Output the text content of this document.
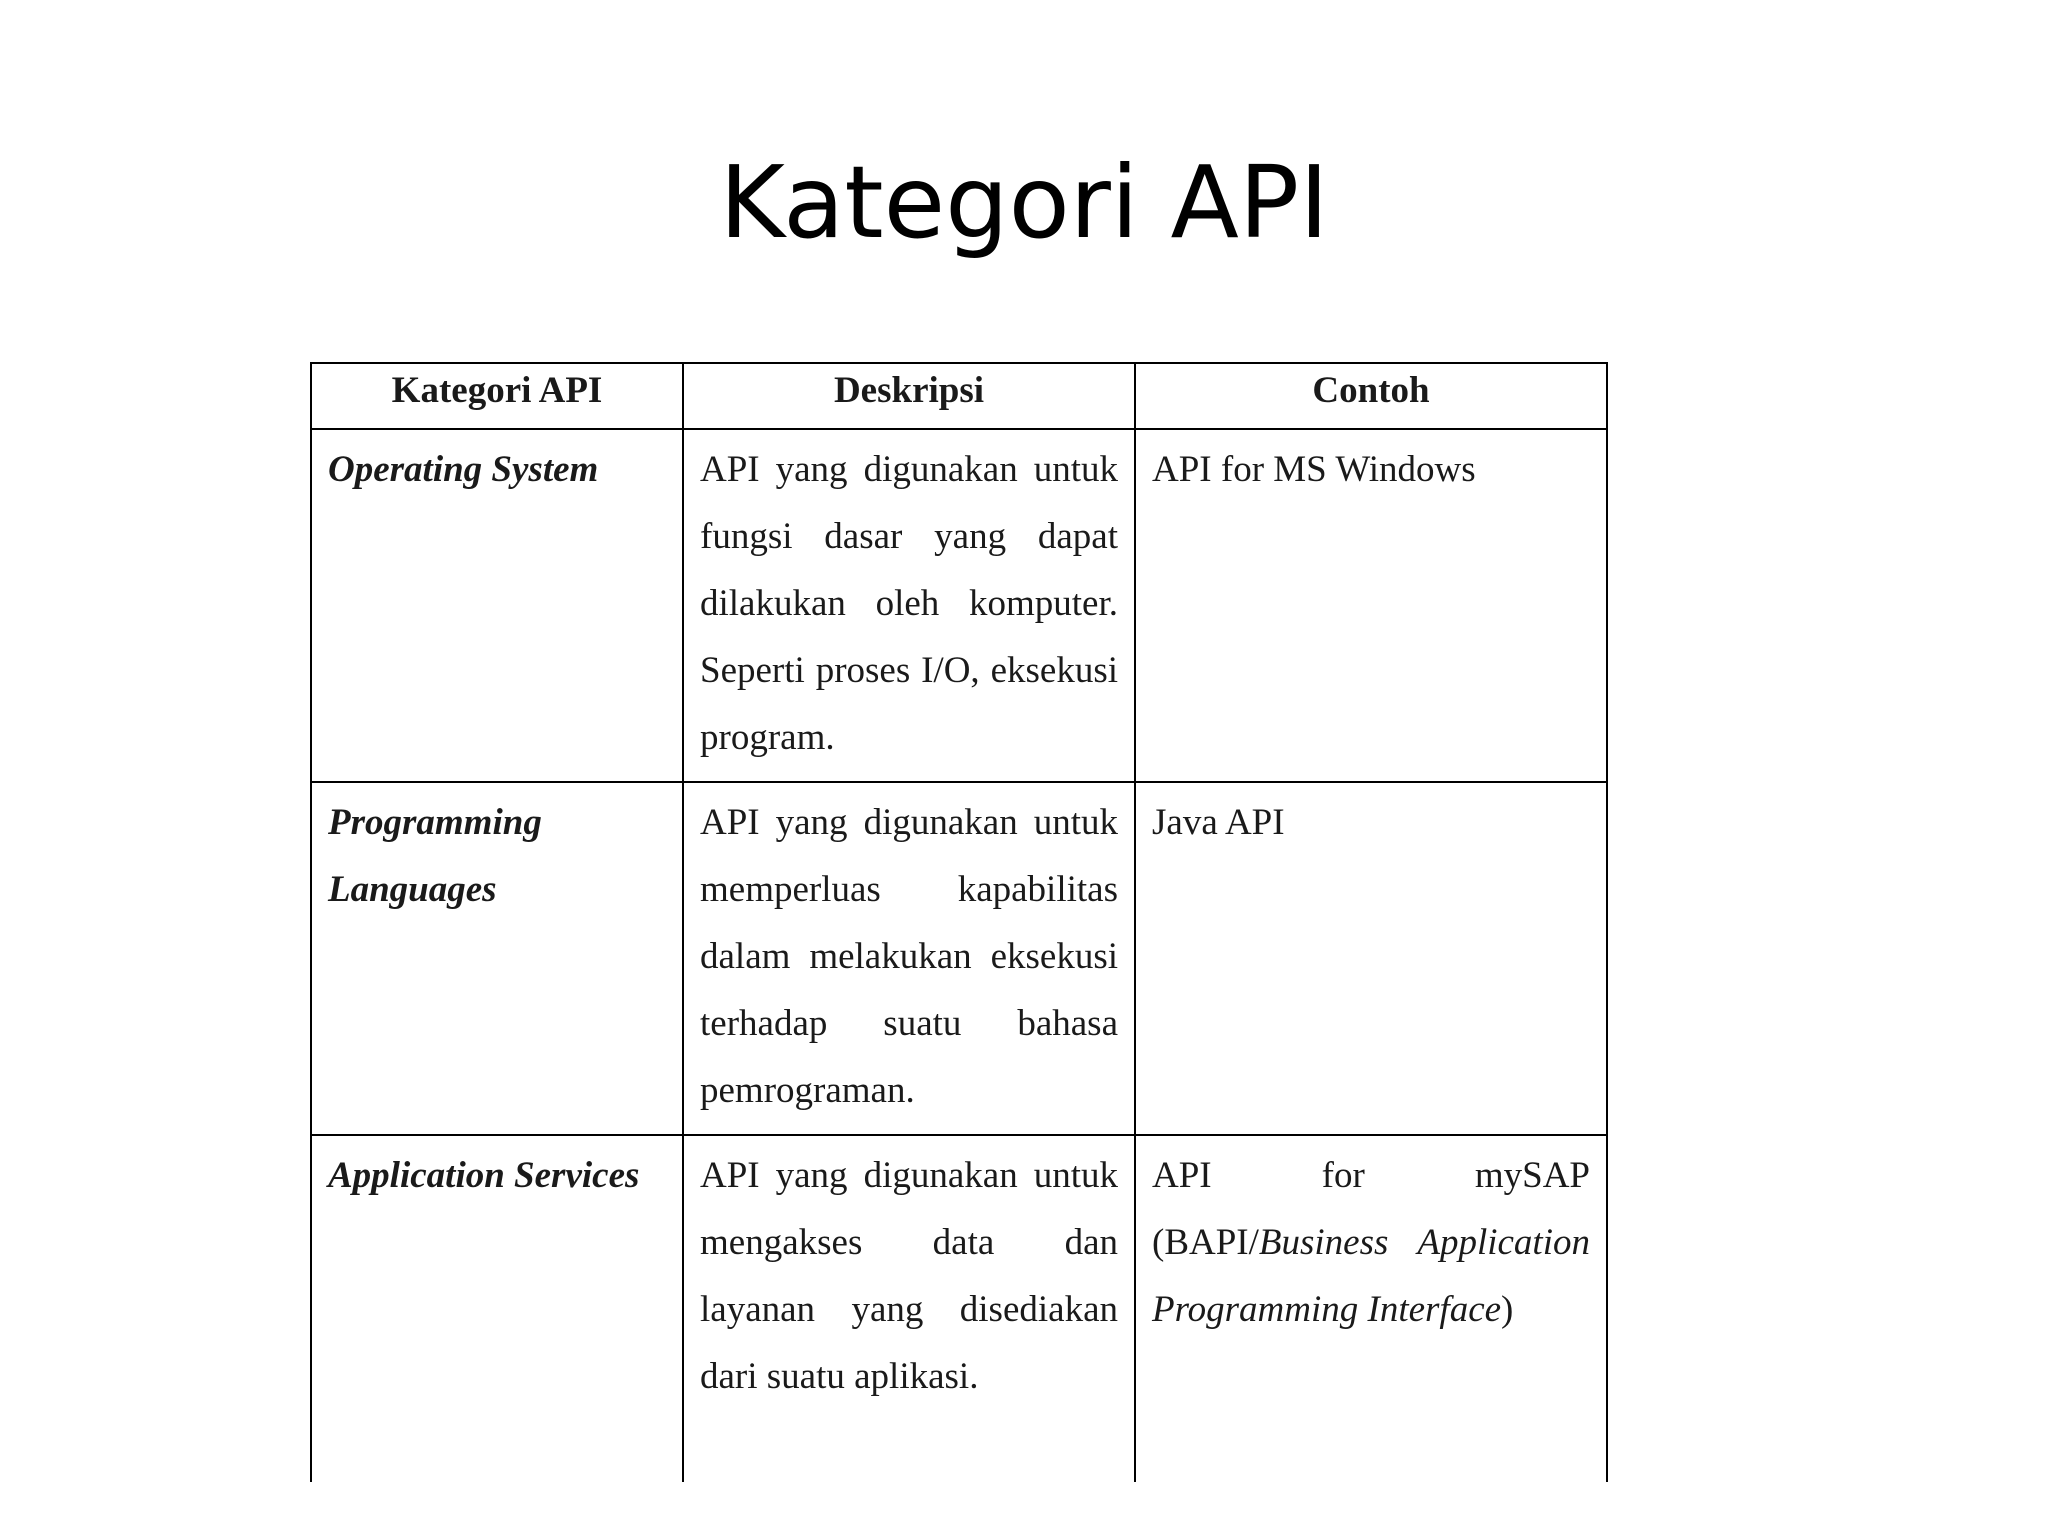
Kategori API
Kategori API	Deskripsi	Contoh
Operating System	API yang digunakan untuk fungsi dasar yang dapat dilakukan oleh komputer. Seperti proses I/O, eksekusi program.	API for MS Windows
Programming Languages	API yang digunakan untuk memperluas kapabilitas dalam melakukan eksekusi terhadap suatu bahasa pemrograman.	Java API
Application Services	API yang digunakan untuk mengakses data dan layanan yang disediakan dari suatu aplikasi.	API for mySAP (BAPI/Business Application Programming Interface)
